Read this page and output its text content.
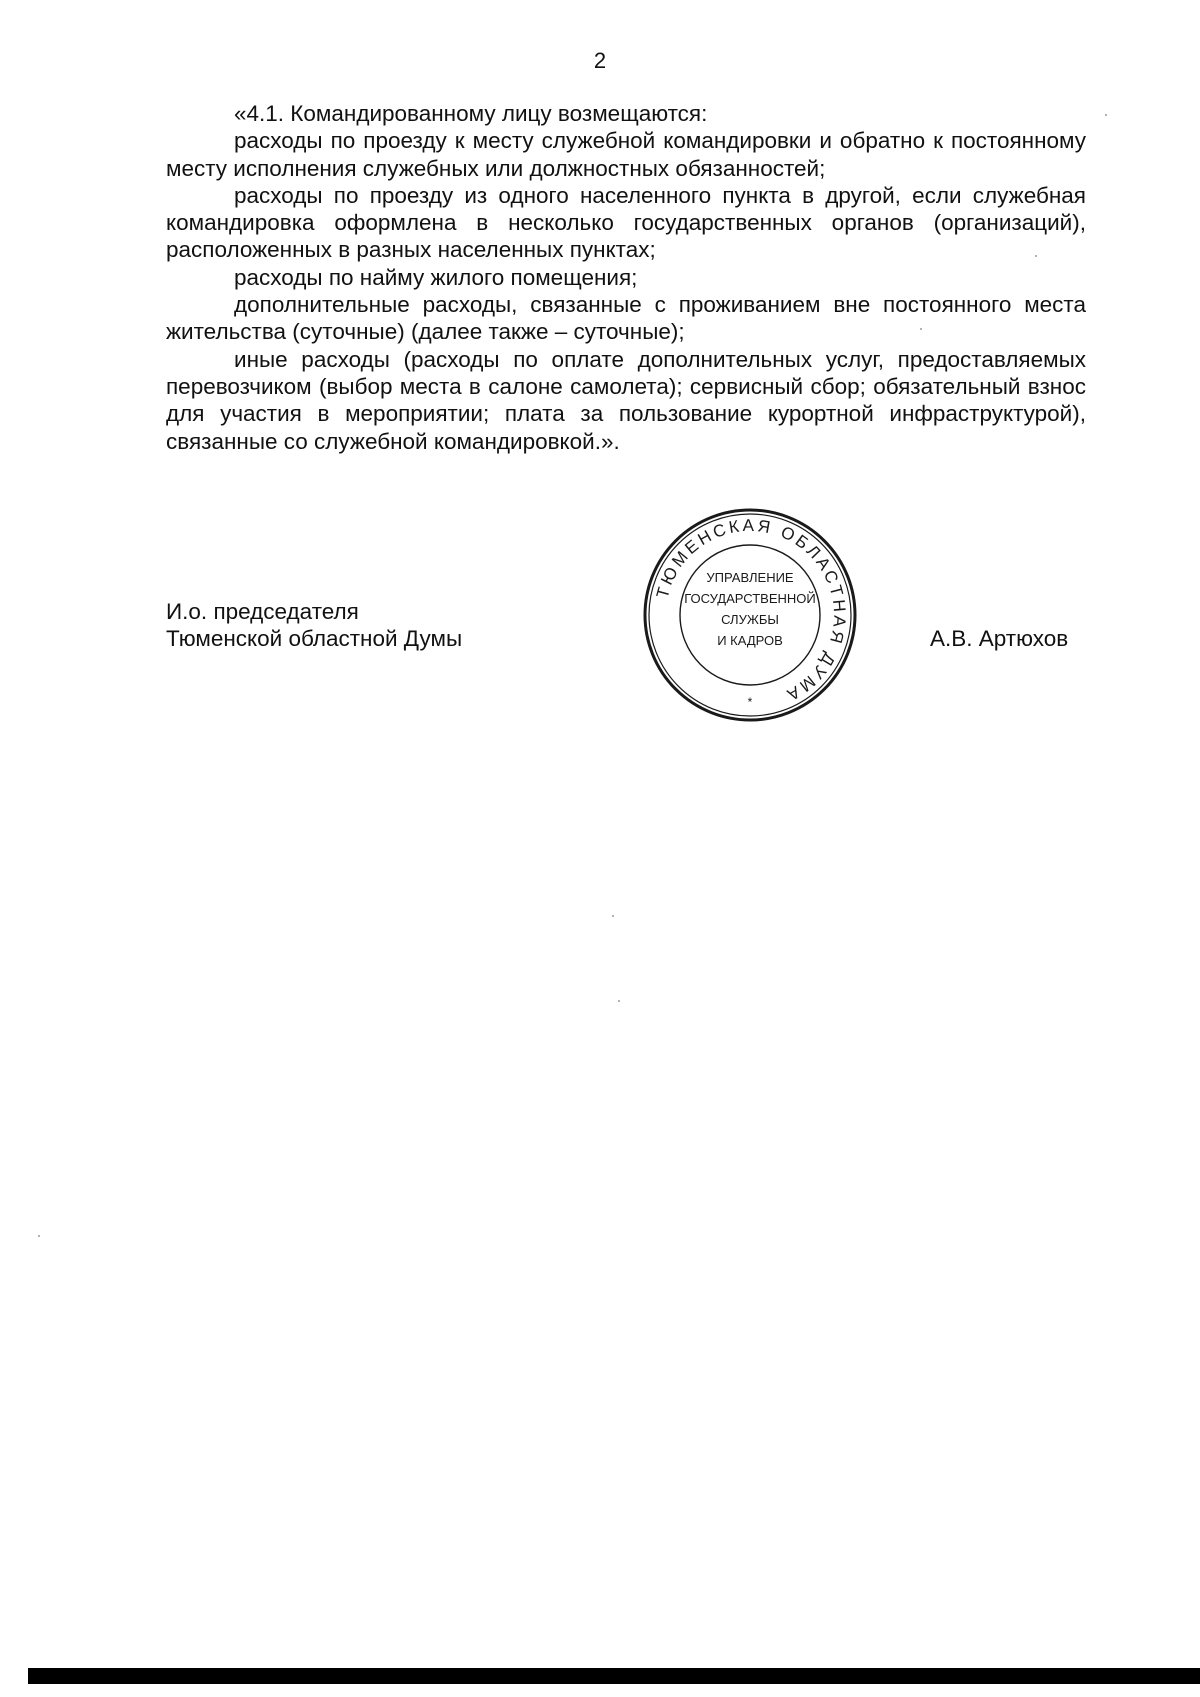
2

«4.1. Командированному лицу возмещаются:

расходы по проезду к месту служебной командировки и обратно к постоянному месту исполнения служебных или должностных обязанностей;

расходы по проезду из одного населенного пункта в другой, если служебная командировка оформлена в несколько государственных органов (организаций), расположенных в разных населенных пунктах;

расходы по найму жилого помещения;

дополнительные расходы, связанные с проживанием вне постоянного места жительства (суточные) (далее также – суточные);

иные расходы (расходы по оплате дополнительных услуг, предоставляемых перевозчиком (выбор места в салоне самолета); сервисный сбор; обязательный взнос для участия в мероприятии; плата за пользование курортной инфраструктурой), связанные со служебной командировкой.».

И.о. председателя
Тюменской областной Думы
ТЮМЕНСКАЯ ОБЛАСТНАЯ ДУМА
УПРАВЛЕНИЕ
ГОСУДАРСТВЕННОЙ
СЛУЖБЫ
И КАДРОВ
*
А.В. Артюхов
